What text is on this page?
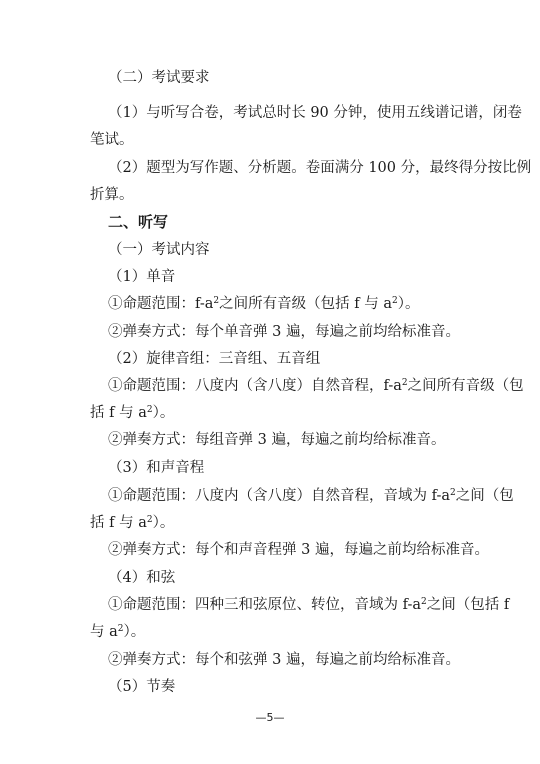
（二）考试要求
（1）与听写合卷，考试总时长 90 分钟，使用五线谱记谱，闭卷
笔试。
（2）题型为写作题、分析题。卷面满分 100 分，最终得分按比例
折算。
二、听写
（一）考试内容
（1）单音
①命题范围：$f-a^2$之间所有音级（包括 f 与 $a^2$）。
②弹奏方式：每个单音弹 3 遍，每遍之前均给标准音。
（2）旋律音组：三音组、五音组
①命题范围：八度内（含八度）自然音程，$f-a^2$之间所有音级（包
括 f 与 $a^2$）。
②弹奏方式：每组音弹 3 遍，每遍之前均给标准音。
（3）和声音程
①命题范围：八度内（含八度）自然音程，音域为 $f-a^2$之间（包
括 f 与 $a^2$）。
②弹奏方式：每个和声音程弹 3 遍，每遍之前均给标准音。
（4）和弦
①命题范围：四种三和弦原位、转位，音域为 $f-a^2$之间（包括 f
与 $a^2$）。
②弹奏方式：每个和弦弹 3 遍，每遍之前均给标准音。
（5）节奏
—5—
